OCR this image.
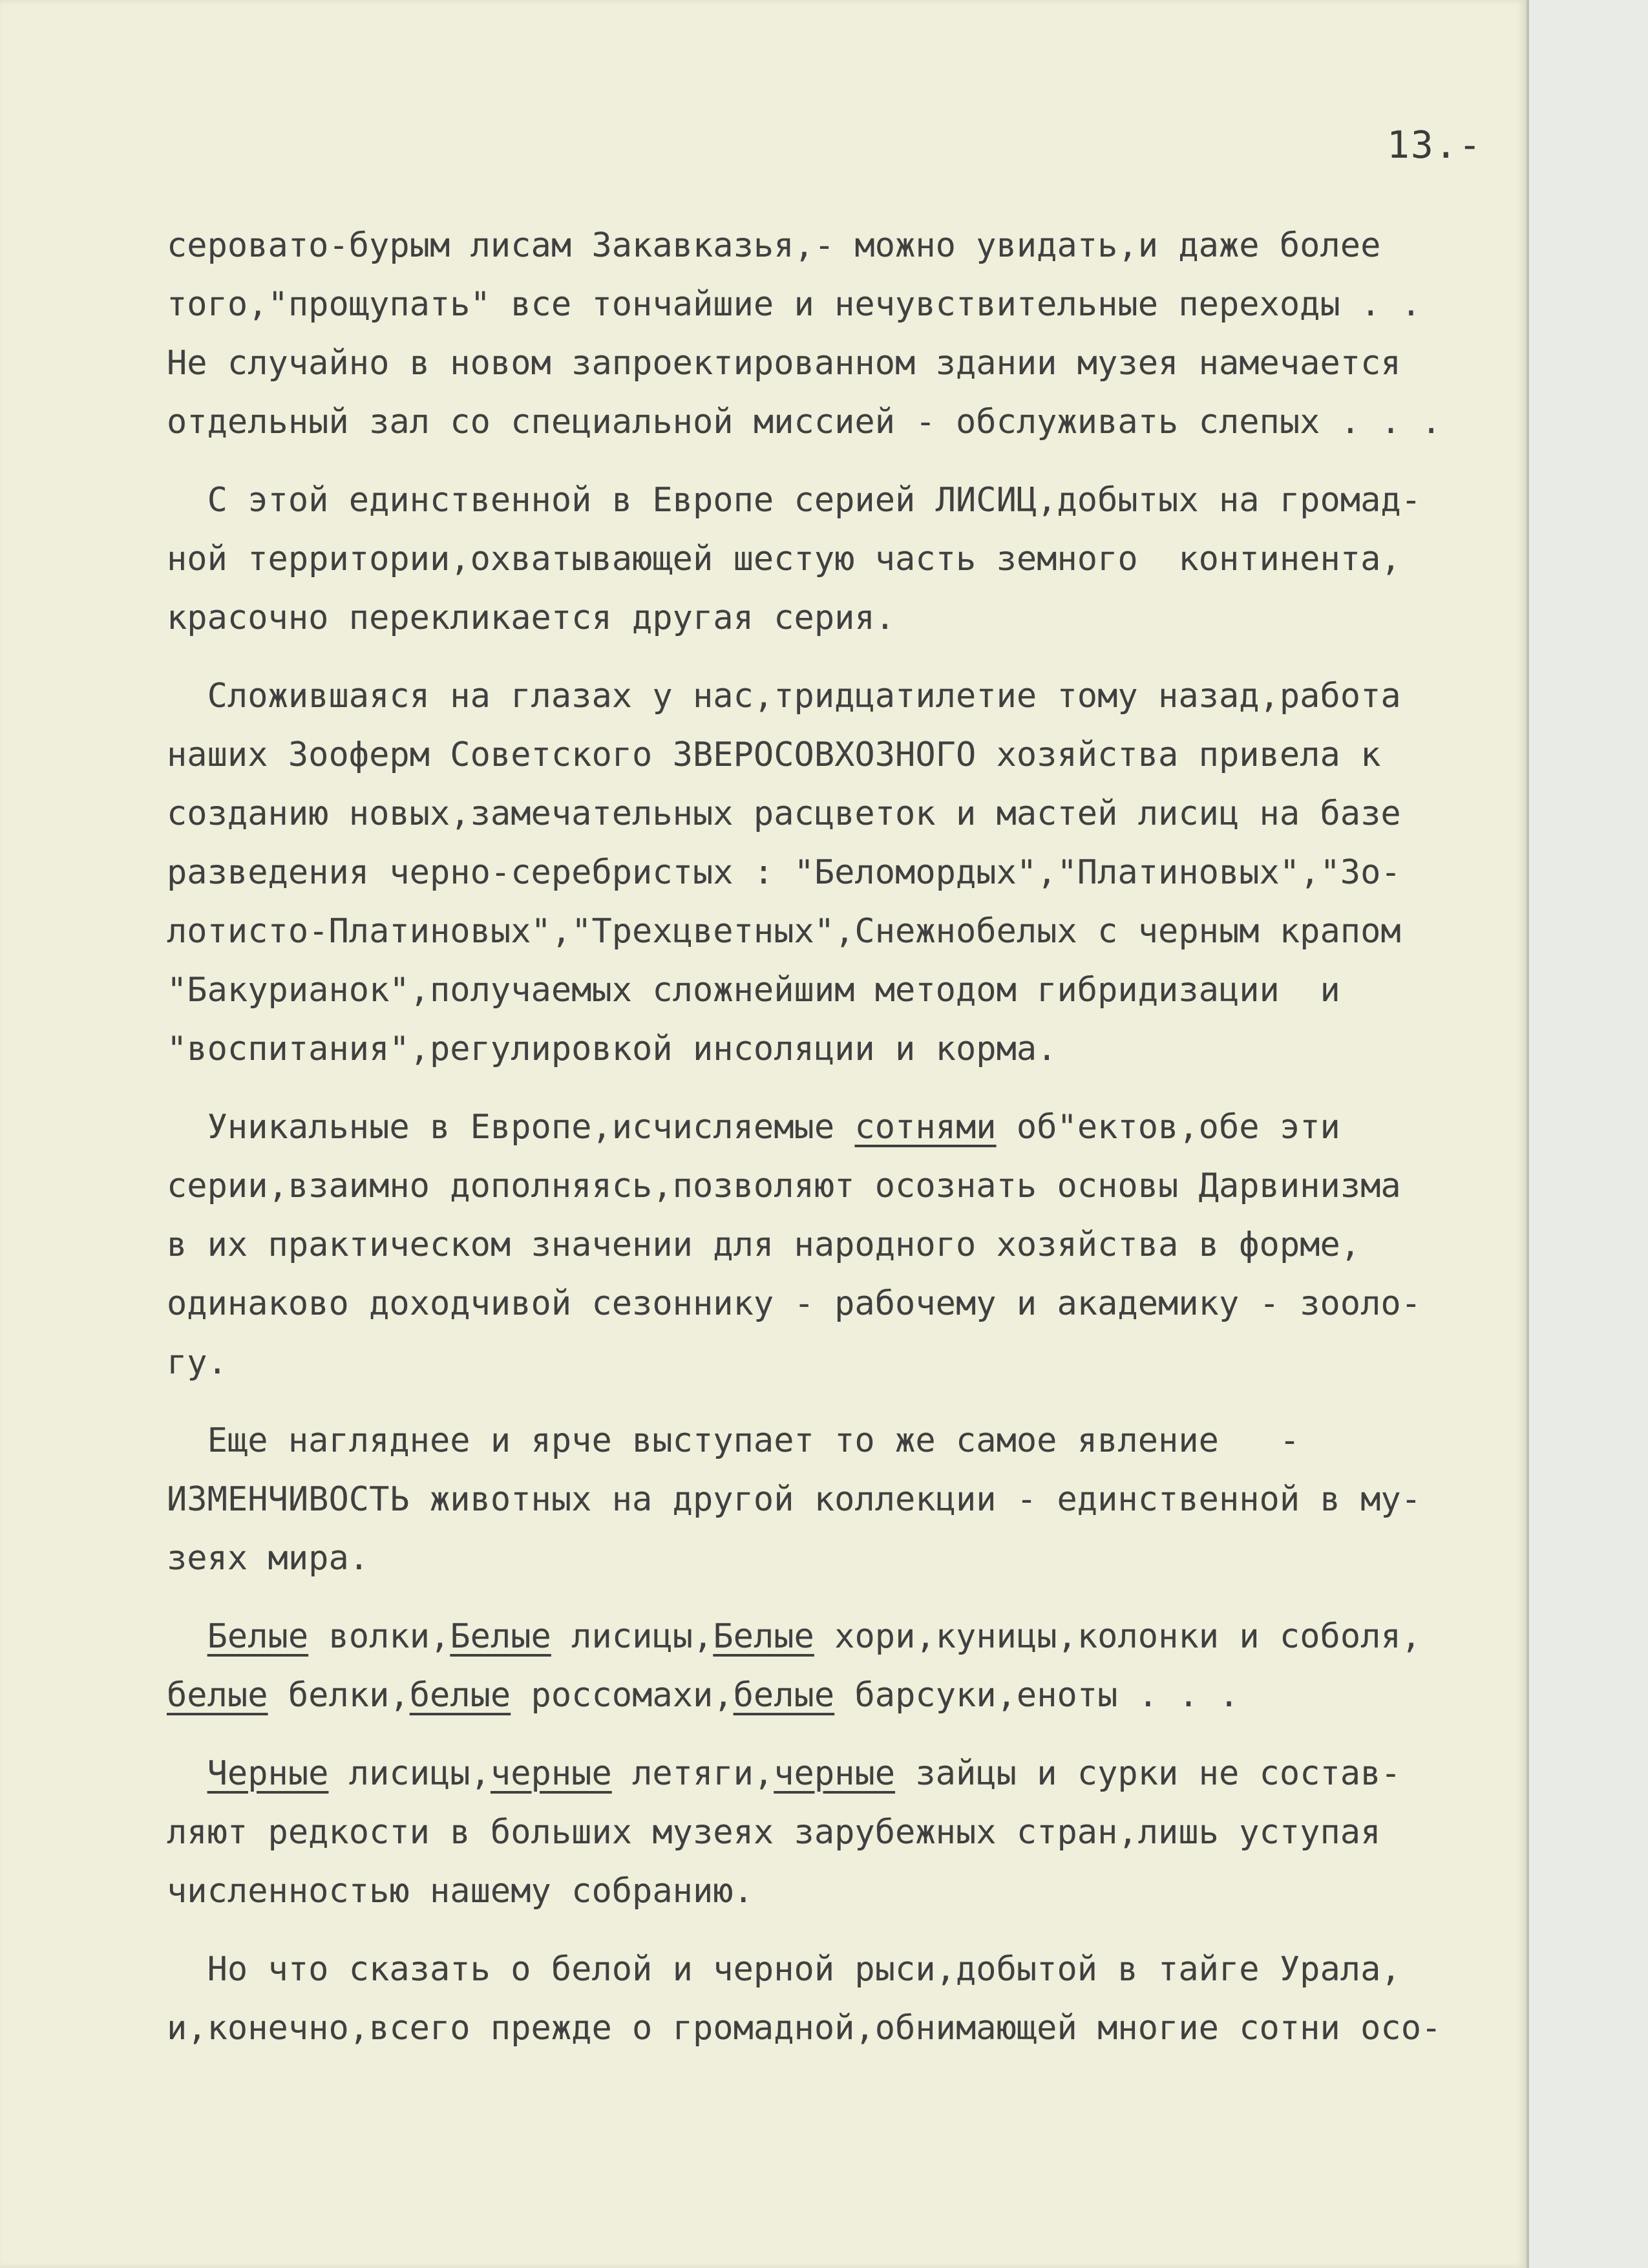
13.-
серовато-бурым лисам Закавказья,- можно увидать,и даже более
того,"прощупать" все тончайшие и нечувствительные переходы . .
Не случайно в новом запроектированном здании музея намечается
отдельный зал со специальной миссией - обслуживать слепых . . .
С этой единственной в Европе серией ЛИСИЦ,добытых на громад-
ной территории,охватывающей шестую часть земного  континента,
красочно перекликается другая серия.
Сложившаяся на глазах у нас,тридцатилетие тому назад,работа
наших Зооферм Советского ЗВЕРОСОВХОЗНОГО хозяйства привела к
созданию новых,замечательных расцветок и мастей лисиц на базе
разведения черно-серебристых : "Беломордых","Платиновых","Зо-
лотисто-Платиновых","Трехцветных",Снежнобелых с черным крапом
"Бакурианок",получаемых сложнейшим методом гибридизации  и
"воспитания",регулировкой инсоляции и корма.
Уникальные в Европе,исчисляемые сотнями об"ектов,обе эти
серии,взаимно дополняясь,позволяют осознать основы Дарвинизма
в их практическом значении для народного хозяйства в форме,
одинаково доходчивой сезоннику - рабочему и академику - зооло-
гу.
Еще нагляднее и ярче выступает то же самое явление   -
ИЗМЕНЧИВОСТЬ животных на другой коллекции - единственной в му-
зеях мира.
Белые волки,Белые лисицы,Белые хори,куницы,колонки и соболя,
белые белки,белые россомахи,белые барсуки,еноты . . .
Черные лисицы,черные летяги,черные зайцы и сурки не состав-
ляют редкости в больших музеях зарубежных стран,лишь уступая
численностью нашему собранию.
Но что сказать о белой и черной рыси,добытой в тайге Урала,
и,конечно,всего прежде о громадной,обнимающей многие сотни осо-
